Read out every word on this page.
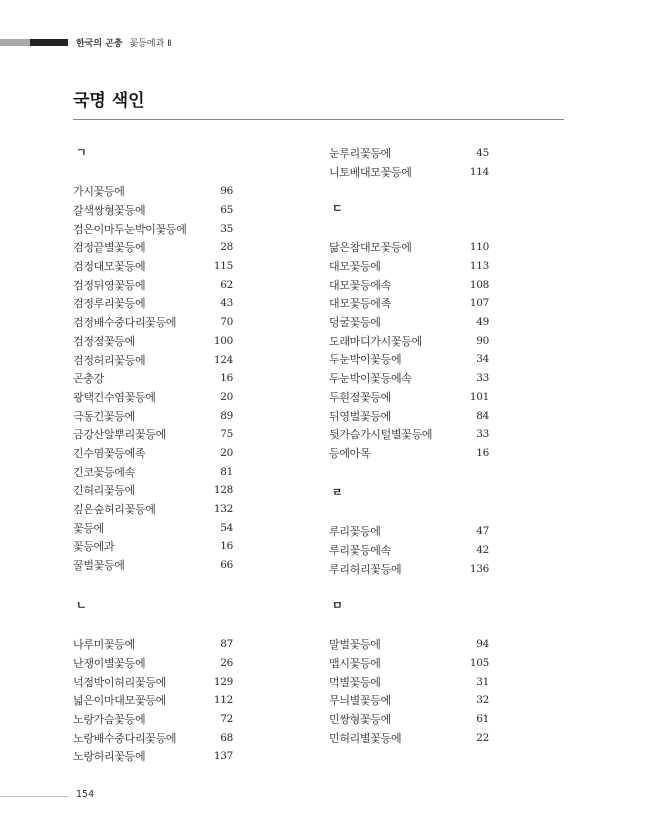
한국의 곤충 꽃등에과 Ⅱ
국명 색인
ㄱ
가시꽃등에	96
갈색쌍형꽃등에	65
검은이마두눈박이꽃등에	35
검정끝별꽃등에	28
검정대모꽃등에	115
검정뒤영꽃등에	62
검정루리꽃등에	43
검정배수중다리꽃등에	70
검정점꽃등에	100
검정허리꽃등에	124
곤충강	16
광택긴수염꽃등에	20
극동긴꽃등에	89
금강산알뿌리꽃등에	75
긴수염꽃등에족	20
긴코꽃등에속	81
긴허리꽃등에	128
깊은숲허리꽃등에	132
꽃등에	54
꽃등에과	16
꿀벌꽃등에	66
ㄴ
나루미꽃등에	87
난쟁이별꽃등에	26
넉점박이허리꽃등에	129
넓은이마대모꽃등에	112
노랑가슴꽃등에	72
노랑배수중다리꽃등에	68
노랑허리꽃등에	137
눈루리꽃등에	45
니토베대모꽃등에	114
ㄷ
닮은참대모꽃등에	110
대모꽃등에	113
대모꽃등에속	108
대모꽃등에족	107
덩굴꽃등에	49
도래마디가시꽃등에	90
두눈박이꽃등에	34
두눈박이꽃등에속	33
두흰점꽃등에	101
뒤영벌꽃등에	84
뒷가슴가시털별꽃등에	33
등에아목	16
ㄹ
루리꽃등에	47
루리꽃등에속	42
루리허리꽃등에	136
ㅁ
말벌꽃등에	94
맵시꽃등에	105
먹별꽃등에	31
무늬별꽃등에	32
민쌍형꽃등에	61
민허리별꽃등에	22
154
